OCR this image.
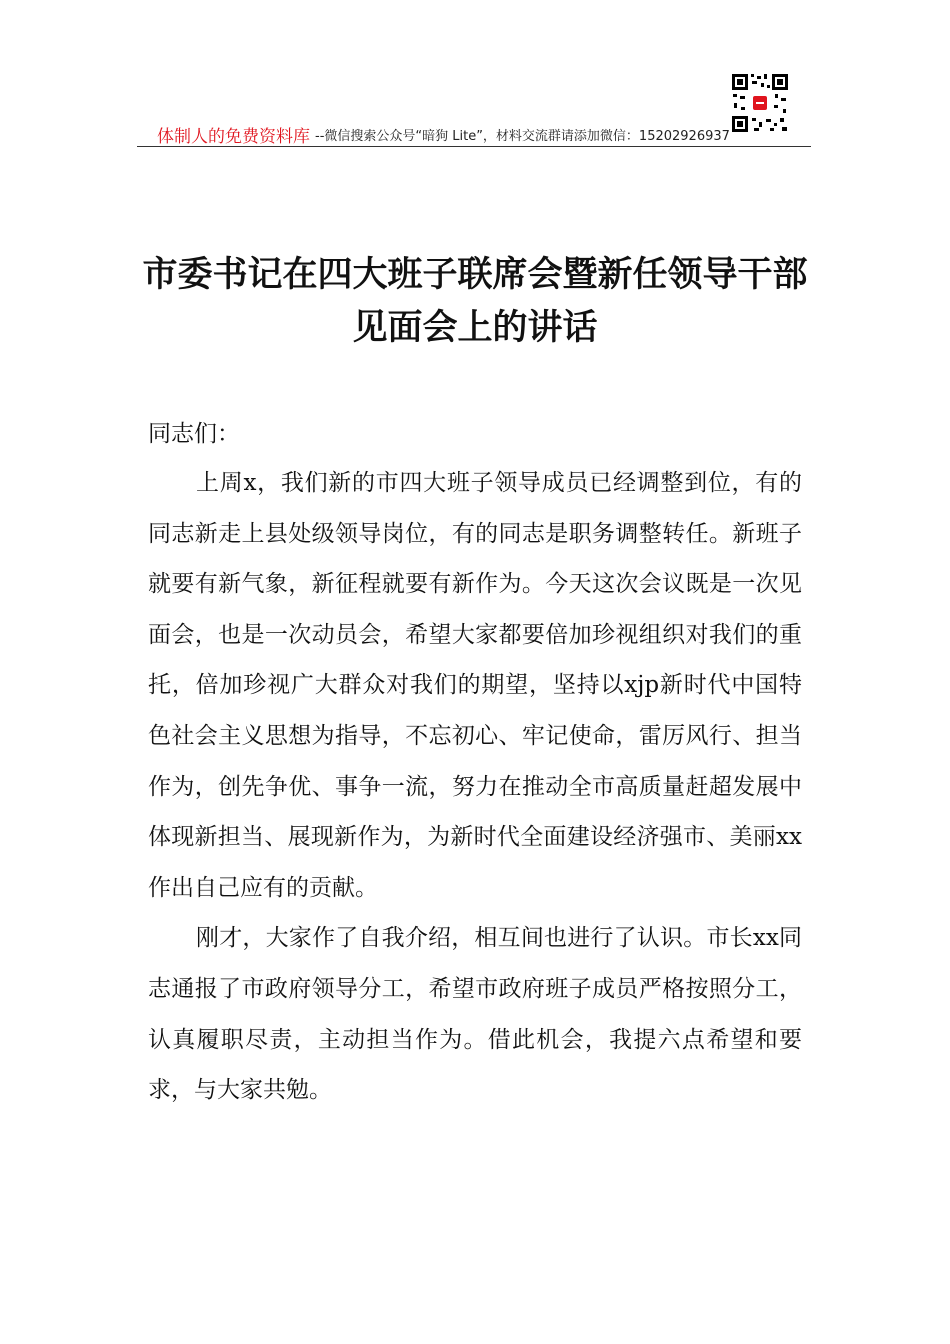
体制人的免费资料库 --微信搜索公众号“暗狗 Lite”，材料交流群请添加微信：15202926937
市委书记在四大班子联席会暨新任领导干部见面会上的讲话

同志们：

上周x，我们新的市四大班子领导成员已经调整到位，有的同志新走上县处级领导岗位，有的同志是职务调整转任。新班子就要有新气象，新征程就要有新作为。今天这次会议既是一次见面会，也是一次动员会，希望大家都要倍加珍视组织对我们的重托，倍加珍视广大群众对我们的期望，坚持以xjp新时代中国特色社会主义思想为指导，不忘初心、牢记使命，雷厉风行、担当作为，创先争优、事争一流，努力在推动全市高质量赶超发展中体现新担当、展现新作为，为新时代全面建设经济强市、美丽xx作出自己应有的贡献。

刚才，大家作了自我介绍，相互间也进行了认识。市长xx同志通报了市政府领导分工，希望市政府班子成员严格按照分工，认真履职尽责，主动担当作为。借此机会，我提六点希望和要求，与大家共勉。
